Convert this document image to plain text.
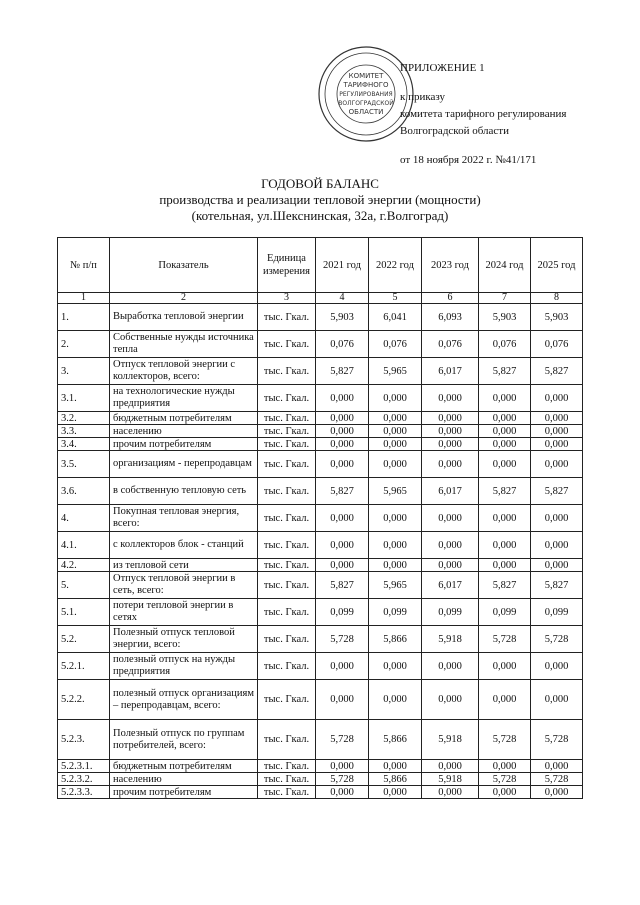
КОМИТЕТ
ТАРИФНОГО
РЕГУЛИРОВАНИЯ
ВОЛГОГРАДСКОЙ
ОБЛАСТИ
ПРИЛОЖЕНИЕ 1
к приказу
комитета тарифного регулирования
Волгоградской области
от 18 ноября 2022 г. №41/171
ГОДОВОЙ БАЛАНС
производства и реализации тепловой энергии (мощности)
(котельная, ул.Шекснинская, 32а, г.Волгоград)
№ п/п	Показатель	Единица измерения	2021 год	2022 год	2023 год	2024 год	2025 год
1	2	3	4	5	6	7	8
1.	Выработка тепловой энергии	тыс. Гкал.	5,903	6,041	6,093	5,903	5,903
2.	Собственные нужды источника тепла	тыс. Гкал.	0,076	0,076	0,076	0,076	0,076
3.	Отпуск тепловой энергии с коллекторов, всего:	тыс. Гкал.	5,827	5,965	6,017	5,827	5,827
3.1.	на технологические нужды предприятия	тыс. Гкал.	0,000	0,000	0,000	0,000	0,000
3.2.	бюджетным потребителям	тыс. Гкал.	0,000	0,000	0,000	0,000	0,000
3.3.	населению	тыс. Гкал.	0,000	0,000	0,000	0,000	0,000
3.4.	прочим потребителям	тыс. Гкал.	0,000	0,000	0,000	0,000	0,000
3.5.	организациям - перепродавцам	тыс. Гкал.	0,000	0,000	0,000	0,000	0,000
3.6.	в собственную тепловую сеть	тыс. Гкал.	5,827	5,965	6,017	5,827	5,827
4.	Покупная тепловая энергия, всего:	тыс. Гкал.	0,000	0,000	0,000	0,000	0,000
4.1.	с коллекторов блок - станций	тыс. Гкал.	0,000	0,000	0,000	0,000	0,000
4.2.	из тепловой сети	тыс. Гкал.	0,000	0,000	0,000	0,000	0,000
5.	Отпуск тепловой энергии в сеть, всего:	тыс. Гкал.	5,827	5,965	6,017	5,827	5,827
5.1.	потери тепловой энергии в сетях	тыс. Гкал.	0,099	0,099	0,099	0,099	0,099
5.2.	Полезный отпуск тепловой энергии, всего:	тыс. Гкал.	5,728	5,866	5,918	5,728	5,728
5.2.1.	полезный отпуск на нужды предприятия	тыс. Гкал.	0,000	0,000	0,000	0,000	0,000
5.2.2.	полезный отпуск организациям – перепродавцам, всего:	тыс. Гкал.	0,000	0,000	0,000	0,000	0,000
5.2.3.	Полезный отпуск по группам потребителей, всего:	тыс. Гкал.	5,728	5,866	5,918	5,728	5,728
5.2.3.1.	бюджетным потребителям	тыс. Гкал.	0,000	0,000	0,000	0,000	0,000
5.2.3.2.	населению	тыс. Гкал.	5,728	5,866	5,918	5,728	5,728
5.2.3.3.	прочим потребителям	тыс. Гкал.	0,000	0,000	0,000	0,000	0,000
